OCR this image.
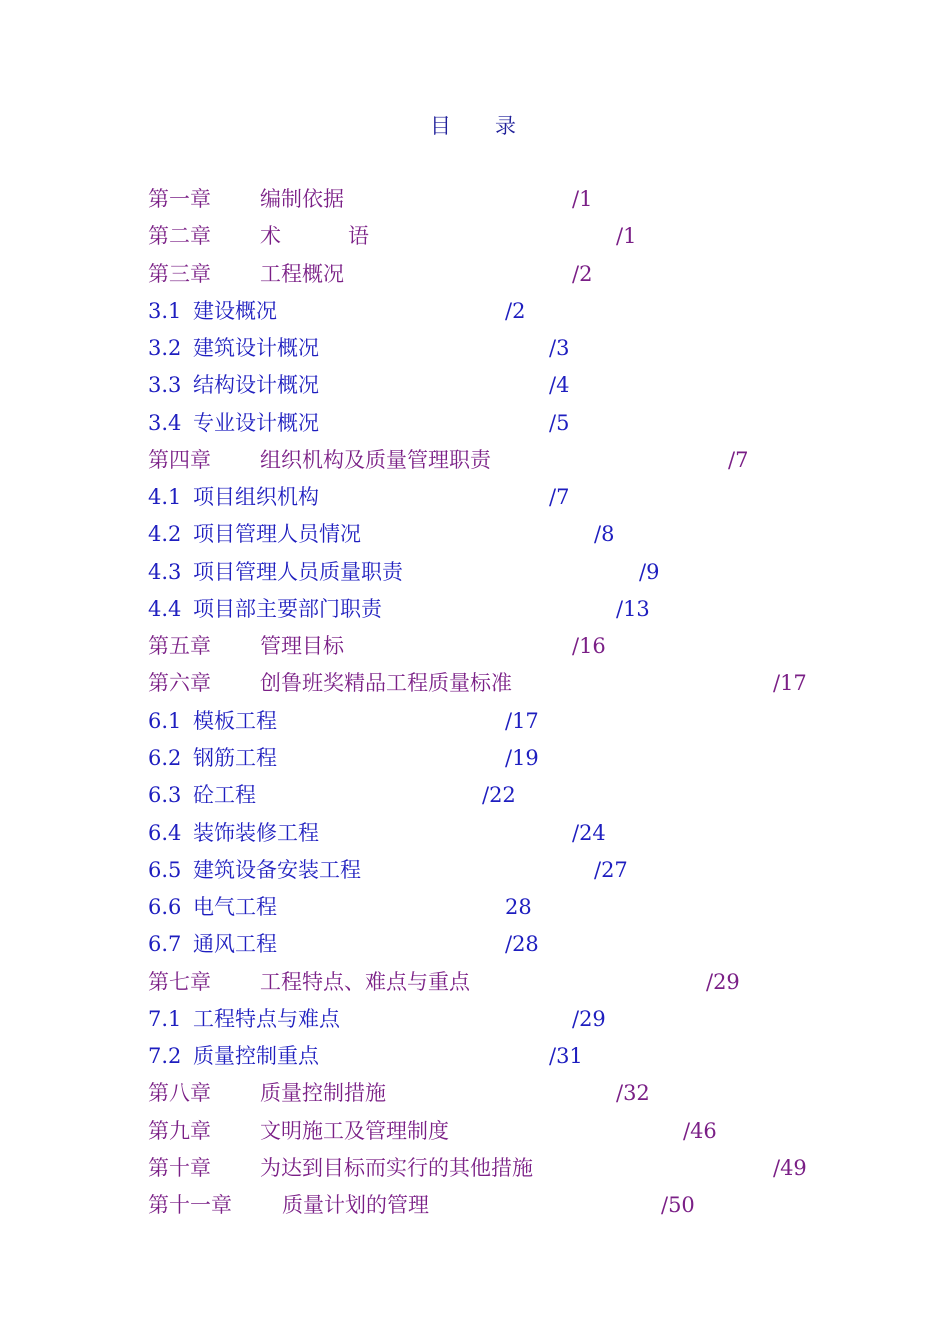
目录
第一章 编制依据	/1
第二章 术	语	/1
第三章 工程概况	/2
3.1 建设概况	/2
3.2 建筑设计概况	/3
3.3 结构设计概况	/4
3.4 专业设计概况	/5
第四章 组织机构及质量管理职责	/7
4.1 项目组织机构	/7
4.2 项目管理人员情况	/8
4.3 项目管理人员质量职责	/9
4.4 项目部主要部门职责	/13
第五章 管理目标	/16
第六章 创鲁班奖精品工程质量标准	/17
6.1 模板工程	/17
6.2 钢筋工程	/19
6.3 砼工程	/22
6.4 装饰装修工程	/24
6.5 建筑设备安装工程	/27
6.6 电气工程	28
6.7 通风工程	/28
第七章 工程特点、难点与重点	/29
7.1 工程特点与难点	/29
7.2 质量控制重点	/31
第八章 质量控制措施	/32
第九章 文明施工及管理制度	/46
第十章 为达到目标而实行的其他措施	/49
第十一章 质量计划的管理	/50
